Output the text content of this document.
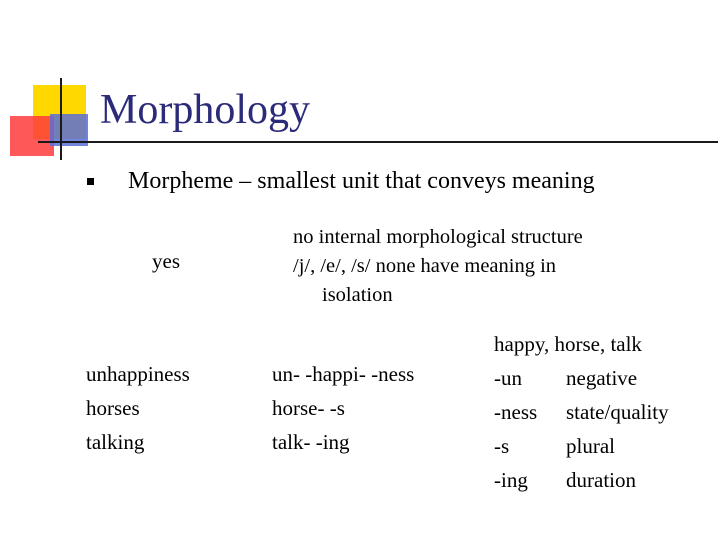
Morphology
Morpheme – smallest unit that conveys meaning
yes
no internal morphological structure
/j/, /e/, /s/ none have meaning in
isolation
unhappiness
horses
talking
un- -happi- -ness
horse- -s
talk- -ing
happy, horse, talk
-un
-ness
-s
-ing
negative
state/quality
plural
duration
